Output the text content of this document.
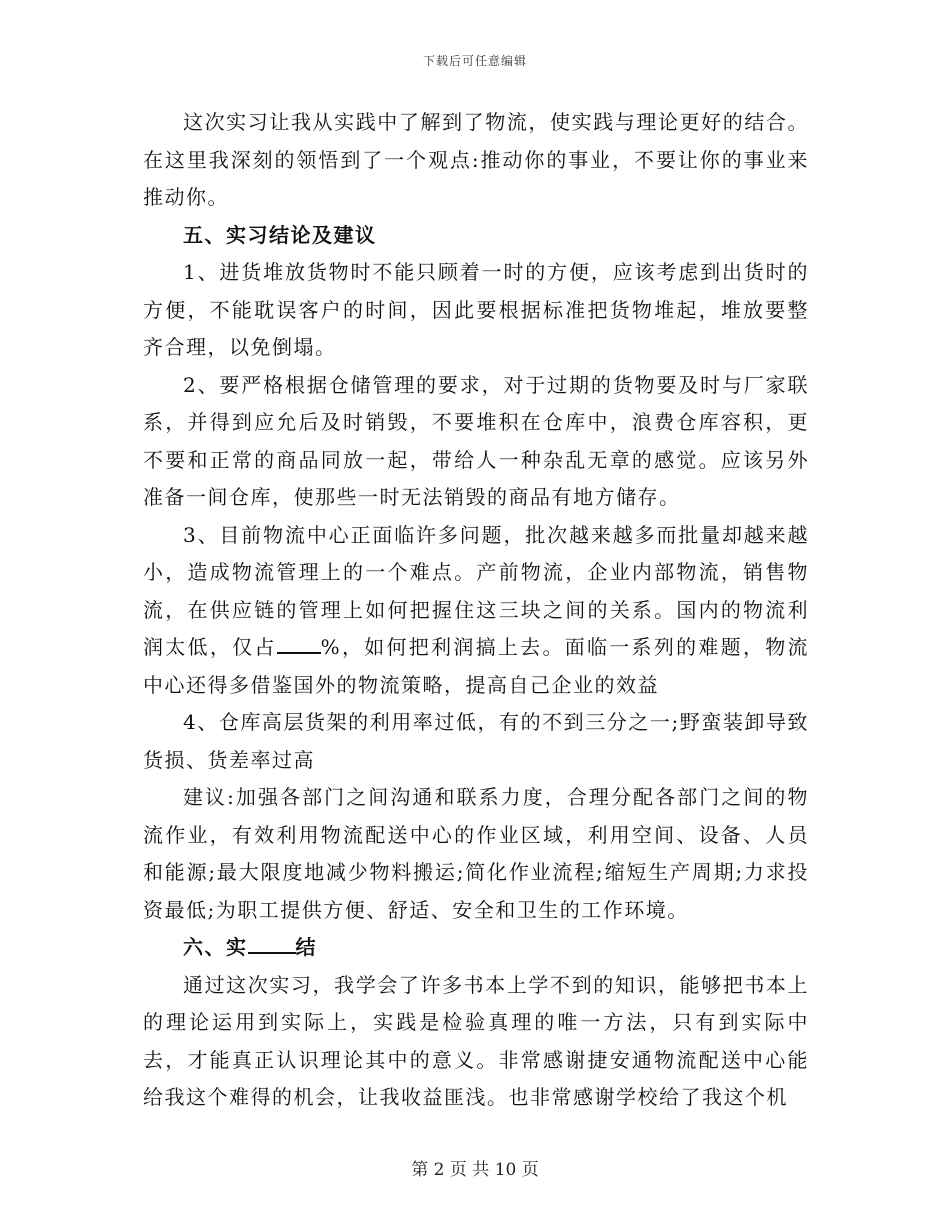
下载后可任意编辑

这次实习让我从实践中了解到了物流，使实践与理论更好的结合。在这里我深刻的领悟到了一个观点:推动你的事业，不要让你的事业来推动你。

五、实习结论及建议

1、进货堆放货物时不能只顾着一时的方便，应该考虑到出货时的方便，不能耽误客户的时间，因此要根据标准把货物堆起，堆放要整齐合理，以免倒塌。

2、要严格根据仓储管理的要求，对于过期的货物要及时与厂家联系，并得到应允后及时销毁，不要堆积在仓库中，浪费仓库容积，更不要和正常的商品同放一起，带给人一种杂乱无章的感觉。应该另外准备一间仓库，使那些一时无法销毁的商品有地方储存。

3、目前物流中心正面临许多问题，批次越来越多而批量却越来越小，造成物流管理上的一个难点。产前物流，企业内部物流，销售物流，在供应链的管理上如何把握住这三块之间的关系。国内的物流利润太低，仅占 %，如何把利润搞上去。面临一系列的难题，物流中心还得多借鉴国外的物流策略，提高自己企业的效益

4、仓库高层货架的利用率过低，有的不到三分之一;野蛮装卸导致货损、货差率过高

建议:加强各部门之间沟通和联系力度，合理分配各部门之间的物流作业，有效利用物流配送中心的作业区域，利用空间、设备、人员和能源;最大限度地减少物料搬运;简化作业流程;缩短生产周期;力求投资最低;为职工提供方便、舒适、安全和卫生的工作环境。

六、实 结

通过这次实习，我学会了许多书本上学不到的知识，能够把书本上的理论运用到实际上，实践是检验真理的唯一方法，只有到实际中去，才能真正认识理论其中的意义。非常感谢捷安通物流配送中心能给我这个难得的机会，让我收益匪浅。也非常感谢学校给了我这个机

第 2 页 共 10 页
